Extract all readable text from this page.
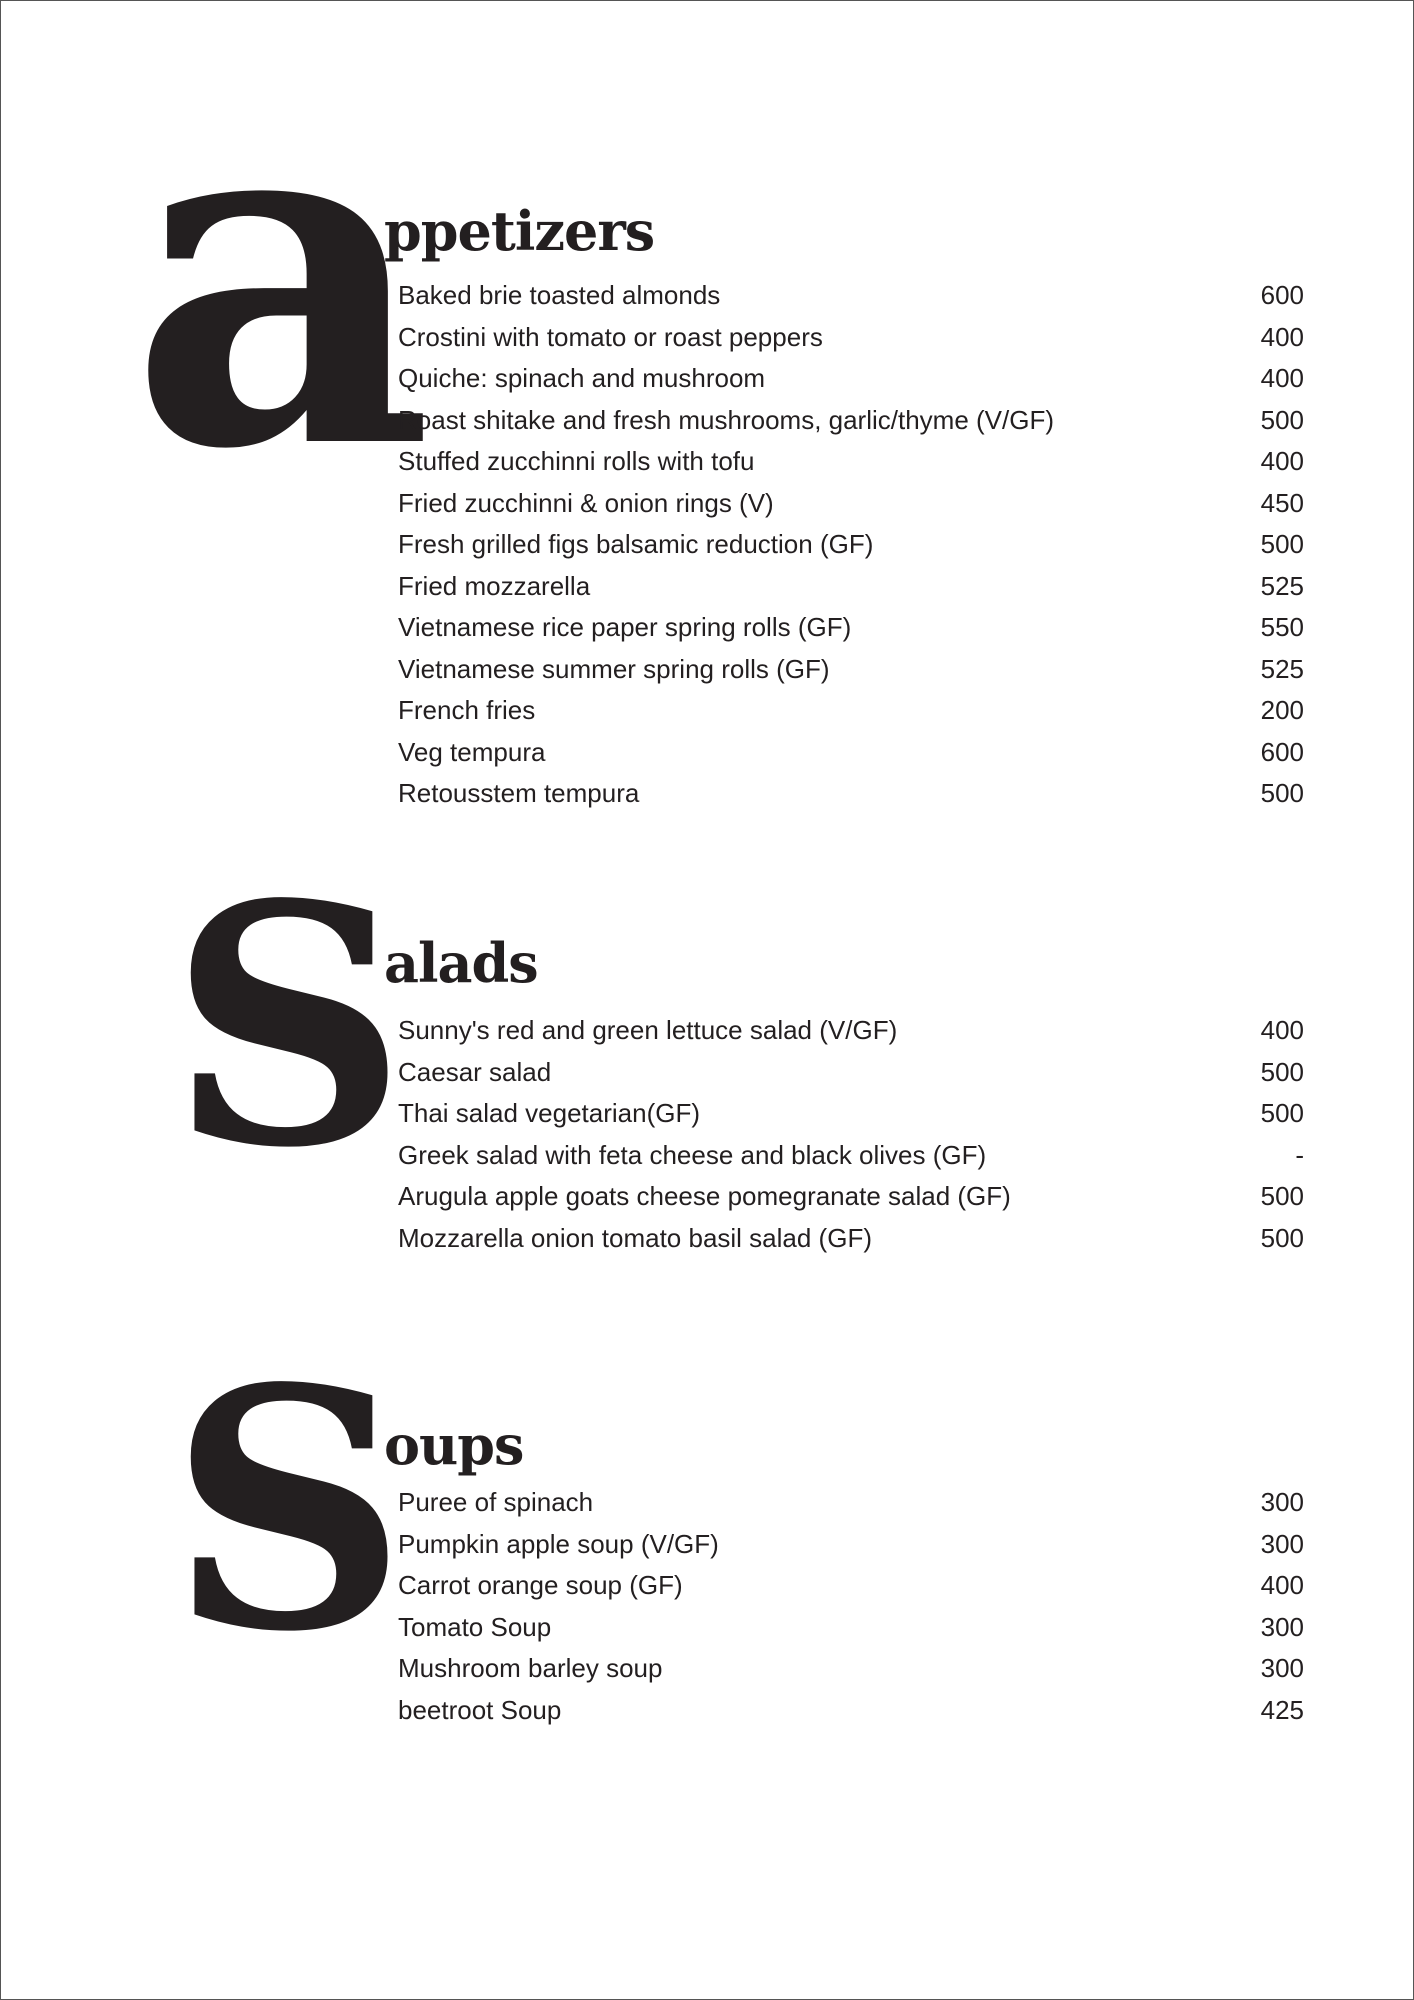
a
ppetizers
Baked brie toasted almonds	600
Crostini with tomato or roast peppers	400
Quiche: spinach and mushroom	400
Roast shitake and fresh mushrooms, garlic/thyme (V/GF)	500
Stuffed zucchinni rolls with tofu	400
Fried zucchinni & onion rings (V)	450
Fresh grilled figs balsamic reduction (GF)	500
Fried mozzarella	525
Vietnamese rice paper spring rolls (GF)	550
Vietnamese summer spring rolls (GF)	525
French fries	200
Veg tempura	600
Retousstem tempura	500
S
alads
Sunny's red and green lettuce salad (V/GF)	400
Caesar salad	500
Thai salad vegetarian(GF)	500
Greek salad with feta cheese and black olives (GF)	-
Arugula apple goats cheese pomegranate salad (GF)	500
Mozzarella onion tomato basil salad (GF)	500
S
oups
Puree of spinach	300
Pumpkin apple soup (V/GF)	300
Carrot orange soup (GF)	400
Tomato Soup	300
Mushroom barley soup	300
beetroot Soup	425
